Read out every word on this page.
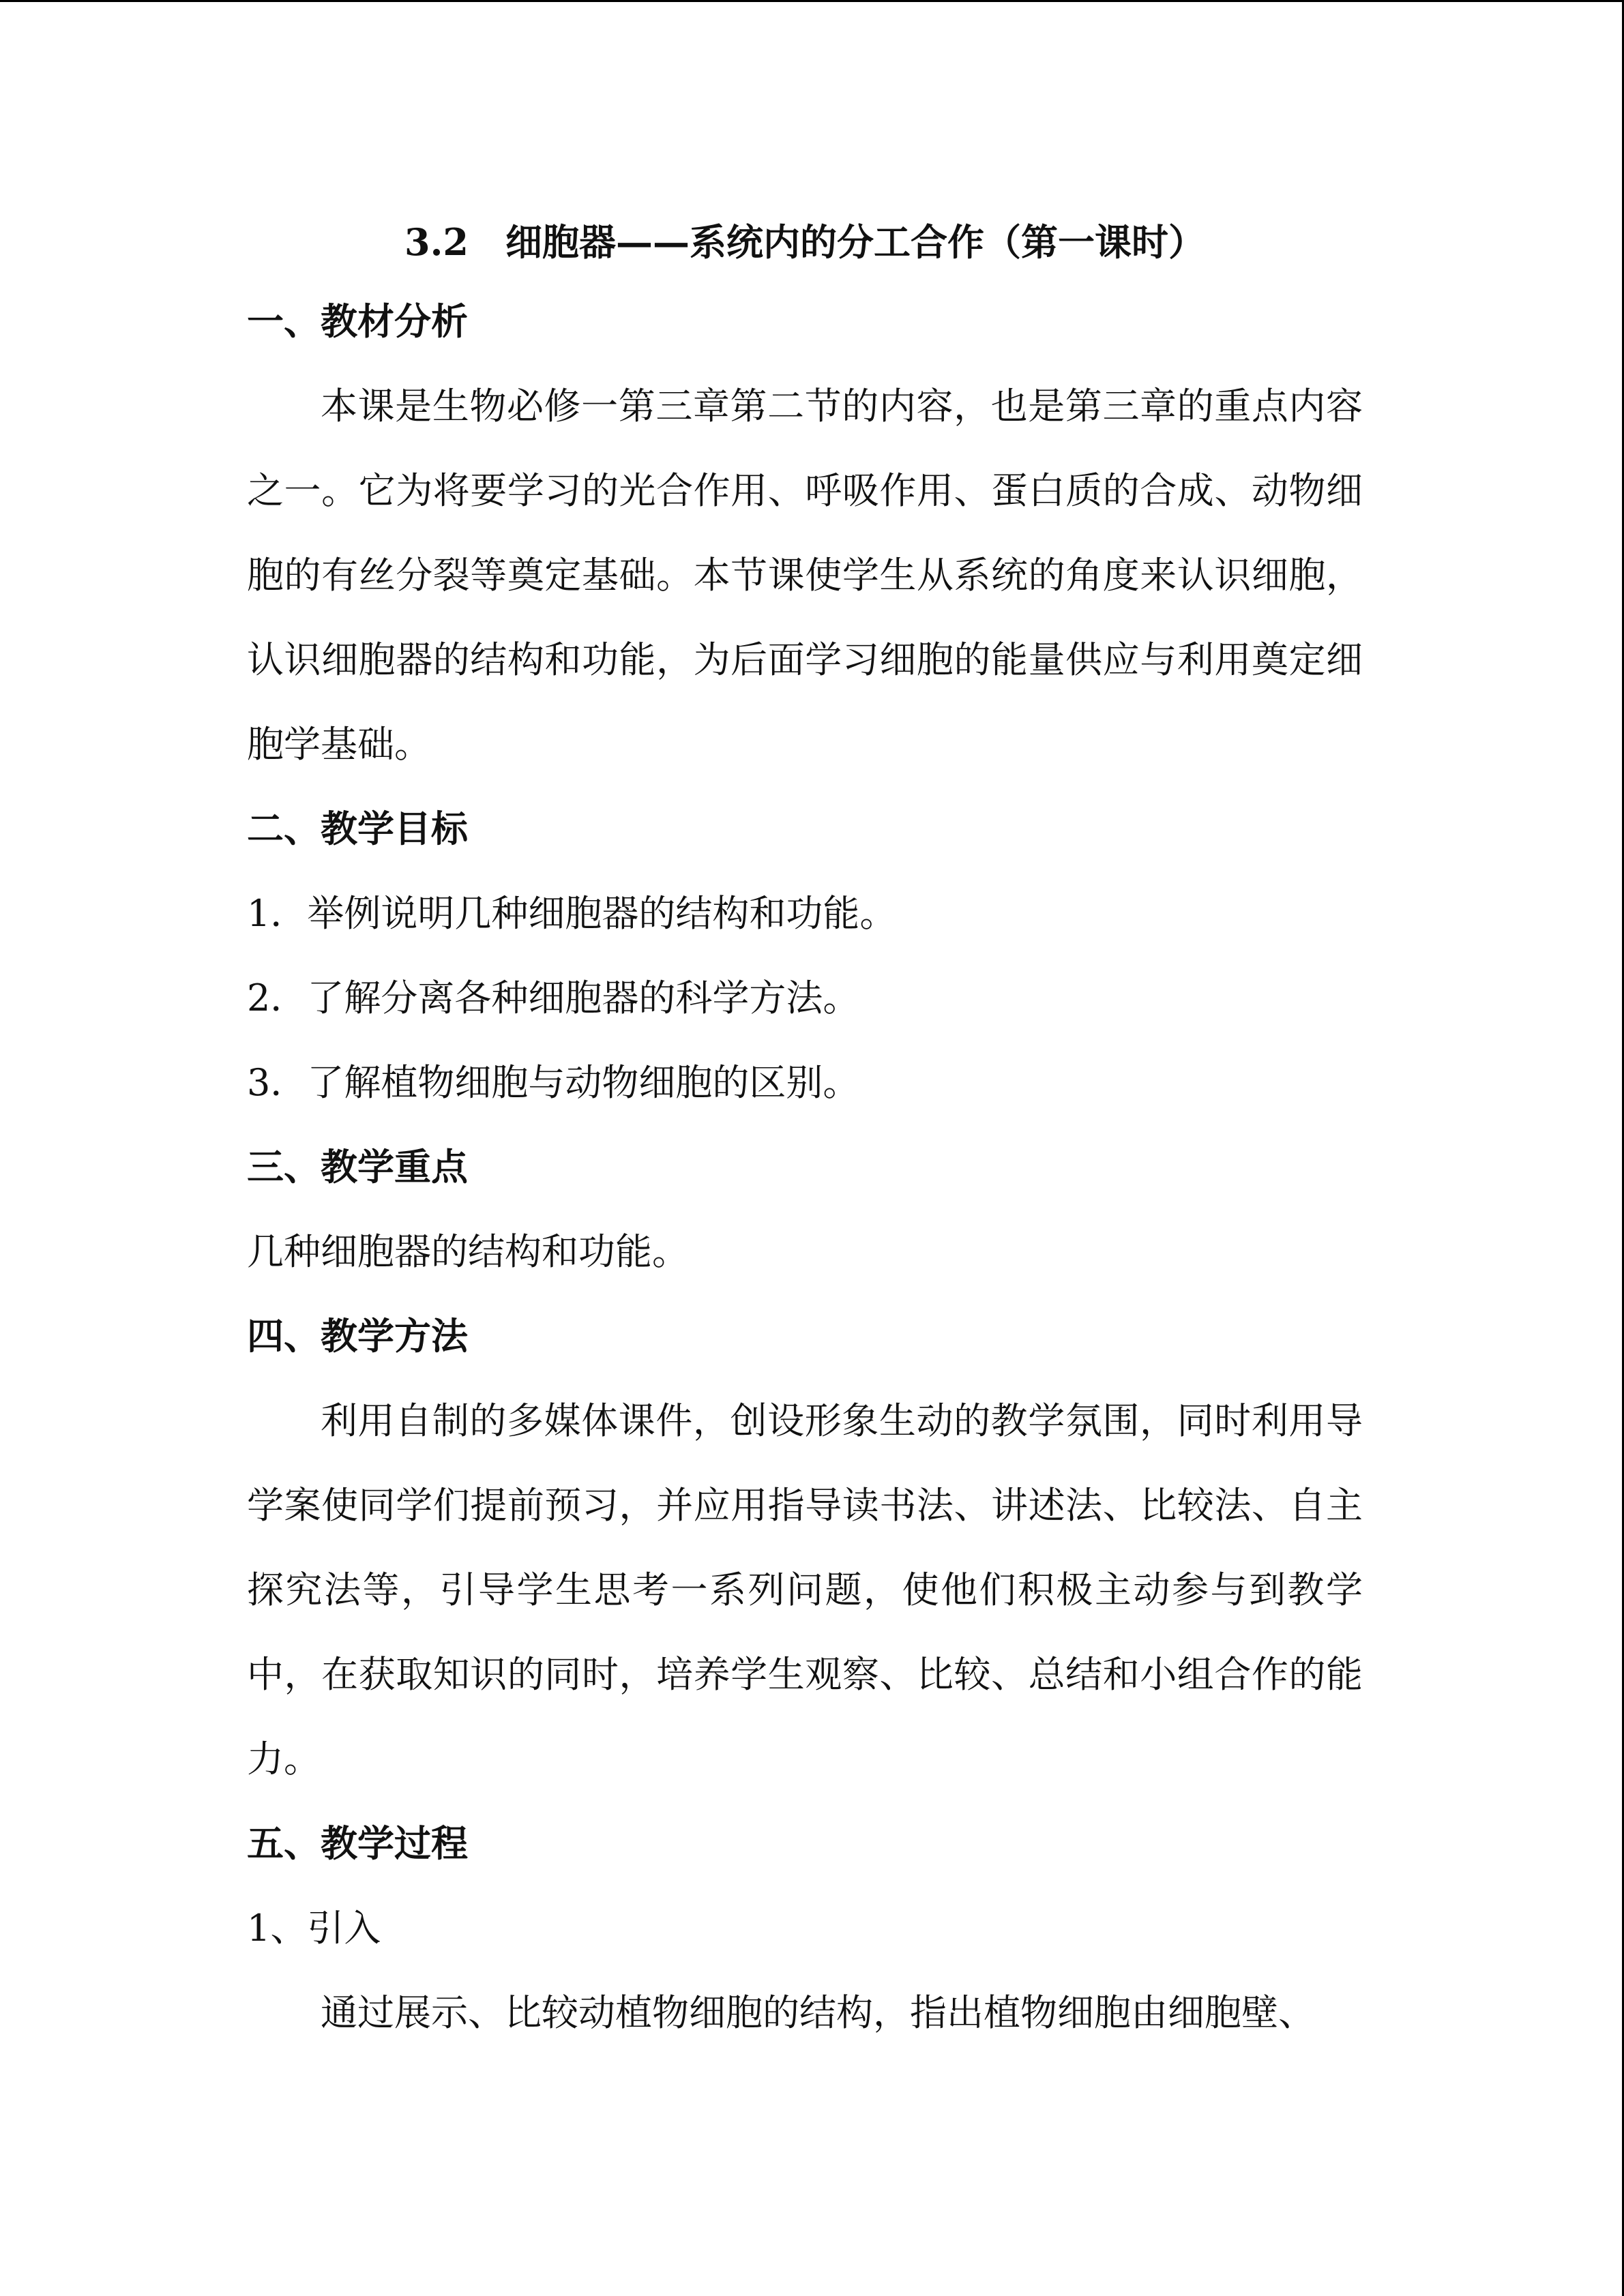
3.2　细胞器——系统内的分工合作（第一课时）

一、教材分析

本课是生物必修一第三章第二节的内容，也是第三章的重点内容之一。它为将要学习的光合作用、呼吸作用、蛋白质的合成、动物细胞的有丝分裂等奠定基础。本节课使学生从系统的角度来认识细胞，认识细胞器的结构和功能，为后面学习细胞的能量供应与利用奠定细胞学基础。

二、教学目标

1．举例说明几种细胞器的结构和功能。

2．了解分离各种细胞器的科学方法。

3．了解植物细胞与动物细胞的区别。

三、教学重点

几种细胞器的结构和功能。

四、教学方法

利用自制的多媒体课件，创设形象生动的教学氛围，同时利用导学案使同学们提前预习，并应用指导读书法、讲述法、比较法、自主探究法等，引导学生思考一系列问题，使他们积极主动参与到教学中，在获取知识的同时，培养学生观察、比较、总结和小组合作的能力。

五、教学过程

1、引入

通过展示、比较动植物细胞的结构，指出植物细胞由细胞壁、
